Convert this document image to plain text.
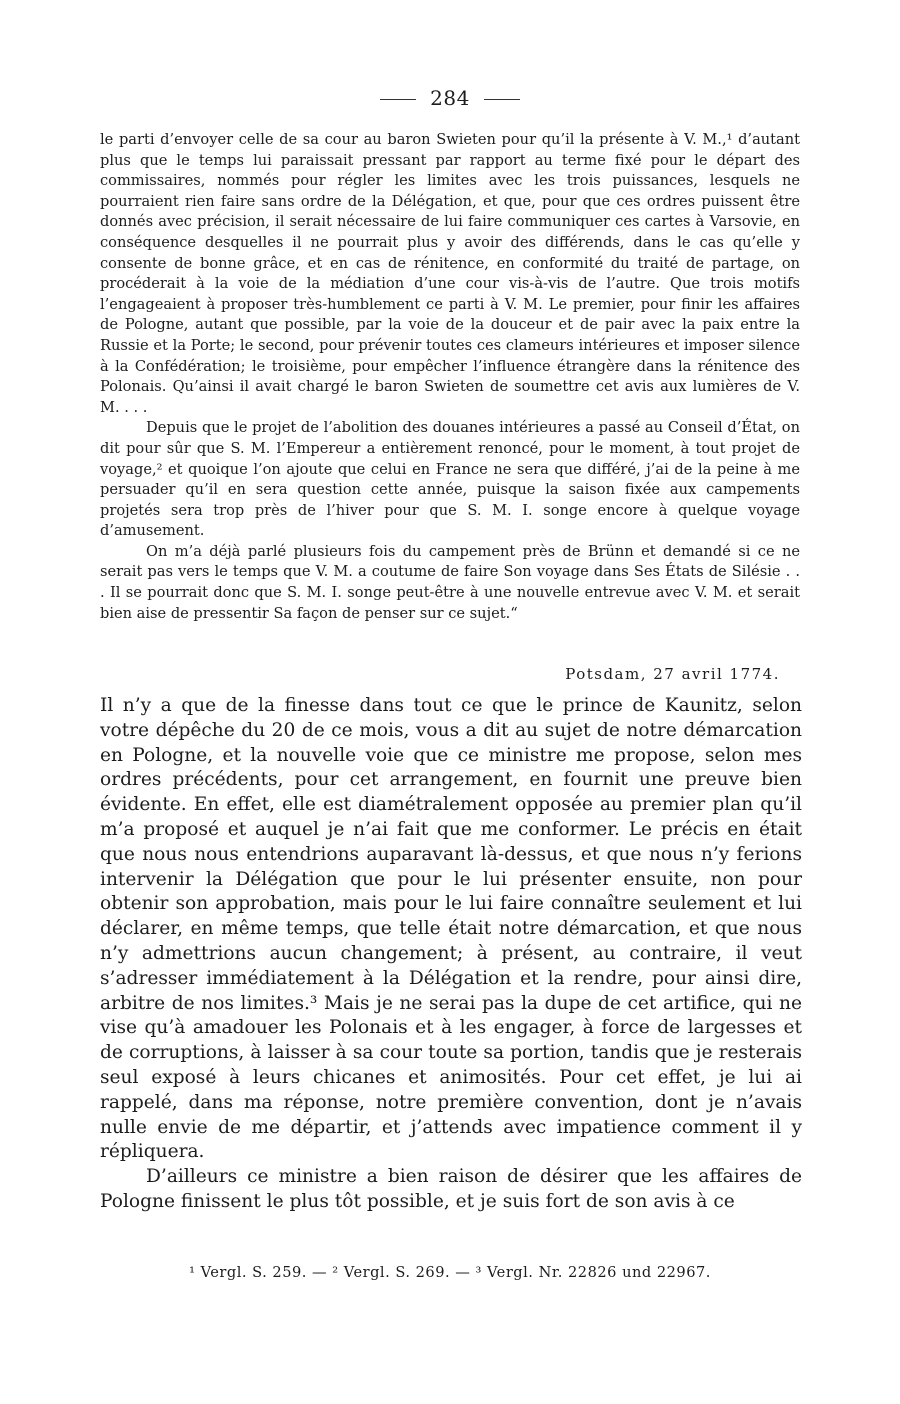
284

le parti d’envoyer celle de sa cour au baron Swieten pour qu’il la présente à V. M.,¹ d’autant plus que le temps lui paraissait pressant par rapport au terme fixé pour le départ des commissaires, nommés pour régler les limites avec les trois puissances, lesquels ne pourraient rien faire sans ordre de la Délégation, et que, pour que ces ordres puissent être donnés avec précision, il serait nécessaire de lui faire communiquer ces cartes à Varsovie, en conséquence desquelles il ne pourrait plus y avoir des différends, dans le cas qu’elle y consente de bonne grâce, et en cas de rénitence, en conformité du traité de partage, on procéderait à la voie de la médiation d’une cour vis-à-vis de l’autre. Que trois motifs l’engageaient à proposer très-humblement ce parti à V. M. Le premier, pour finir les affaires de Pologne, autant que possible, par la voie de la douceur et de pair avec la paix entre la Russie et la Porte; le second, pour prévenir toutes ces clameurs intérieures et imposer silence à la Confédération; le troisième, pour empêcher l’influence étrangère dans la rénitence des Polonais. Qu’ainsi il avait chargé le baron Swieten de soumettre cet avis aux lumières de V. M. . . .

Depuis que le projet de l’abolition des douanes intérieures a passé au Conseil d’État, on dit pour sûr que S. M. l’Empereur a entièrement renoncé, pour le moment, à tout projet de voyage,² et quoique l’on ajoute que celui en France ne sera que différé, j’ai de la peine à me persuader qu’il en sera question cette année, puisque la saison fixée aux campements projetés sera trop près de l’hiver pour que S. M. I. songe encore à quelque voyage d’amusement.

On m’a déjà parlé plusieurs fois du campement près de Brünn et demandé si ce ne serait pas vers le temps que V. M. a coutume de faire Son voyage dans Ses États de Silésie . . . Il se pourrait donc que S. M. I. songe peut-être à une nouvelle entrevue avec V. M. et serait bien aise de pressentir Sa façon de penser sur ce sujet.“

Potsdam, 27 avril 1774.

Il n’y a que de la finesse dans tout ce que le prince de Kaunitz, selon votre dépêche du 20 de ce mois, vous a dit au sujet de notre démarcation en Pologne, et la nouvelle voie que ce ministre me propose, selon mes ordres précédents, pour cet arrangement, en fournit une preuve bien évidente. En effet, elle est diamétralement opposée au premier plan qu’il m’a proposé et auquel je n’ai fait que me conformer. Le précis en était que nous nous entendrions auparavant là-dessus, et que nous n’y ferions intervenir la Délégation que pour le lui présenter ensuite, non pour obtenir son approbation, mais pour le lui faire connaître seulement et lui déclarer, en même temps, que telle était notre démarcation, et que nous n’y admettrions aucun changement; à présent, au contraire, il veut s’adresser immédiatement à la Délégation et la rendre, pour ainsi dire, arbitre de nos limites.³ Mais je ne serai pas la dupe de cet artifice, qui ne vise qu’à amadouer les Polonais et à les engager, à force de largesses et de corruptions, à laisser à sa cour toute sa portion, tandis que je resterais seul exposé à leurs chicanes et animosités. Pour cet effet, je lui ai rappelé, dans ma réponse, notre première convention, dont je n’avais nulle envie de me départir, et j’attends avec impatience comment il y répliquera.

D’ailleurs ce ministre a bien raison de désirer que les affaires de Pologne finissent le plus tôt possible, et je suis fort de son avis à ce

¹ Vergl. S. 259. — ² Vergl. S. 269. — ³ Vergl. Nr. 22826 und 22967.
